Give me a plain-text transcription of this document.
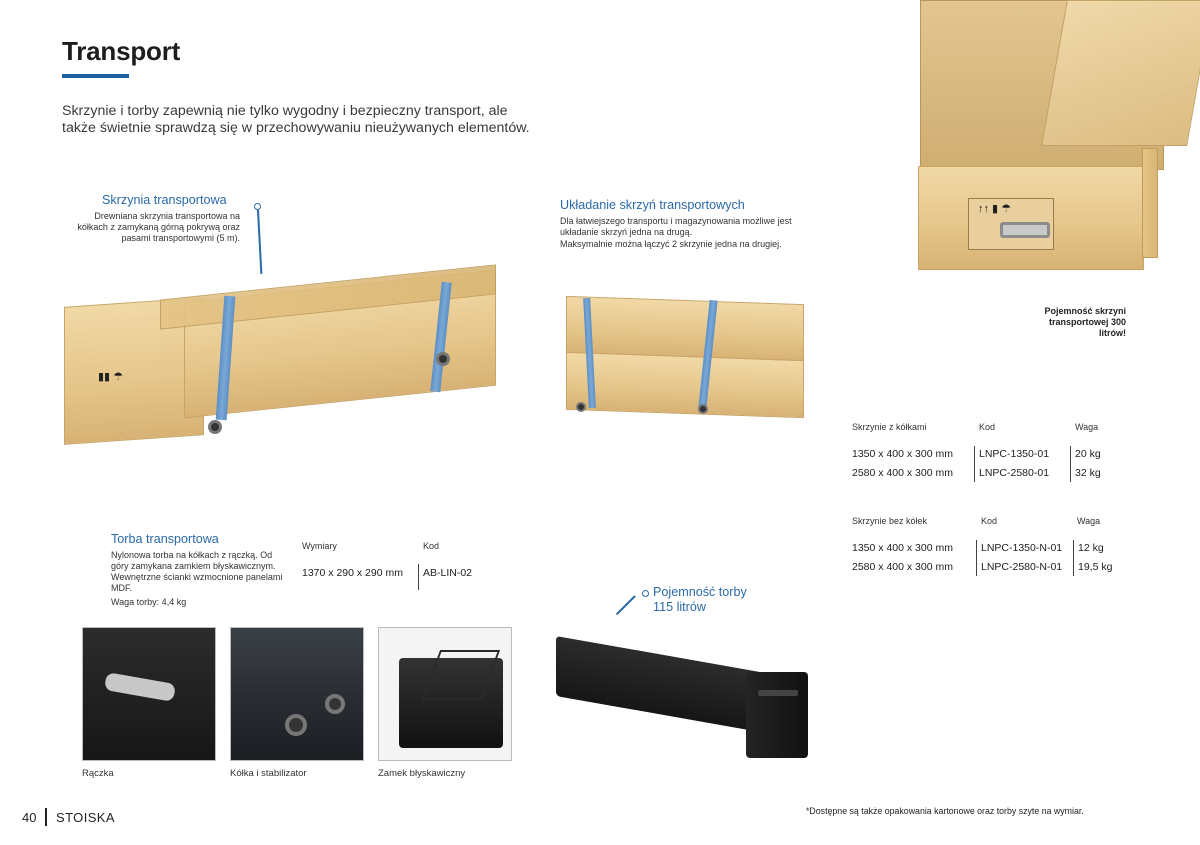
Transport
Skrzynie i torby zapewnią nie tylko wygodny i bezpieczny transport, ale także świetnie sprawdzą się w przechowywaniu nieużywanych elementów.
Skrzynia transportowa
Drewniana skrzynia transportowa na kółkach z zamykaną górną pokrywą oraz pasami transportowymi (5 m).
▮▮ ☂
Układanie skrzyń transportowych
Dla łatwiejszego transportu i magazynowania możliwe jest układanie skrzyń jedna na drugą.
Maksymalnie można łączyć 2 skrzynie jedna na drugiej.
↑↑ ▮ ☂
Pojemność skrzyni transportowej 300 litrów!
Skrzynie z kółkami	Kod	Waga
1350 x 400 x 300 mm LNPC-1350-01 20 kg
2580 x 400 x 300 mm LNPC-2580-01 32 kg
Skrzynie bez kółek	Kod	Waga
1350 x 400 x 300 mm	LNPC-1350-N-01 12 kg
2580 x 400 x 300 mm	LNPC-2580-N-01 19,5 kg
Torba transportowa
Nylonowa torba na kółkach z rączką. Od góry zamykana zamkiem błyskawicznym. Wewnętrzne ścianki wzmocnione panelami MDF.
Waga torby: 4,4 kg
Wymiary	Kod
1370 x 290 x 290 mm AB-LIN-02
Pojemność torby
115 litrów
Rączka	Kółka i stabilizator	Zamek błyskawiczny
40 STOISKA	*Dostępne są także opakowania kartonowe oraz torby szyte na wymiar.
